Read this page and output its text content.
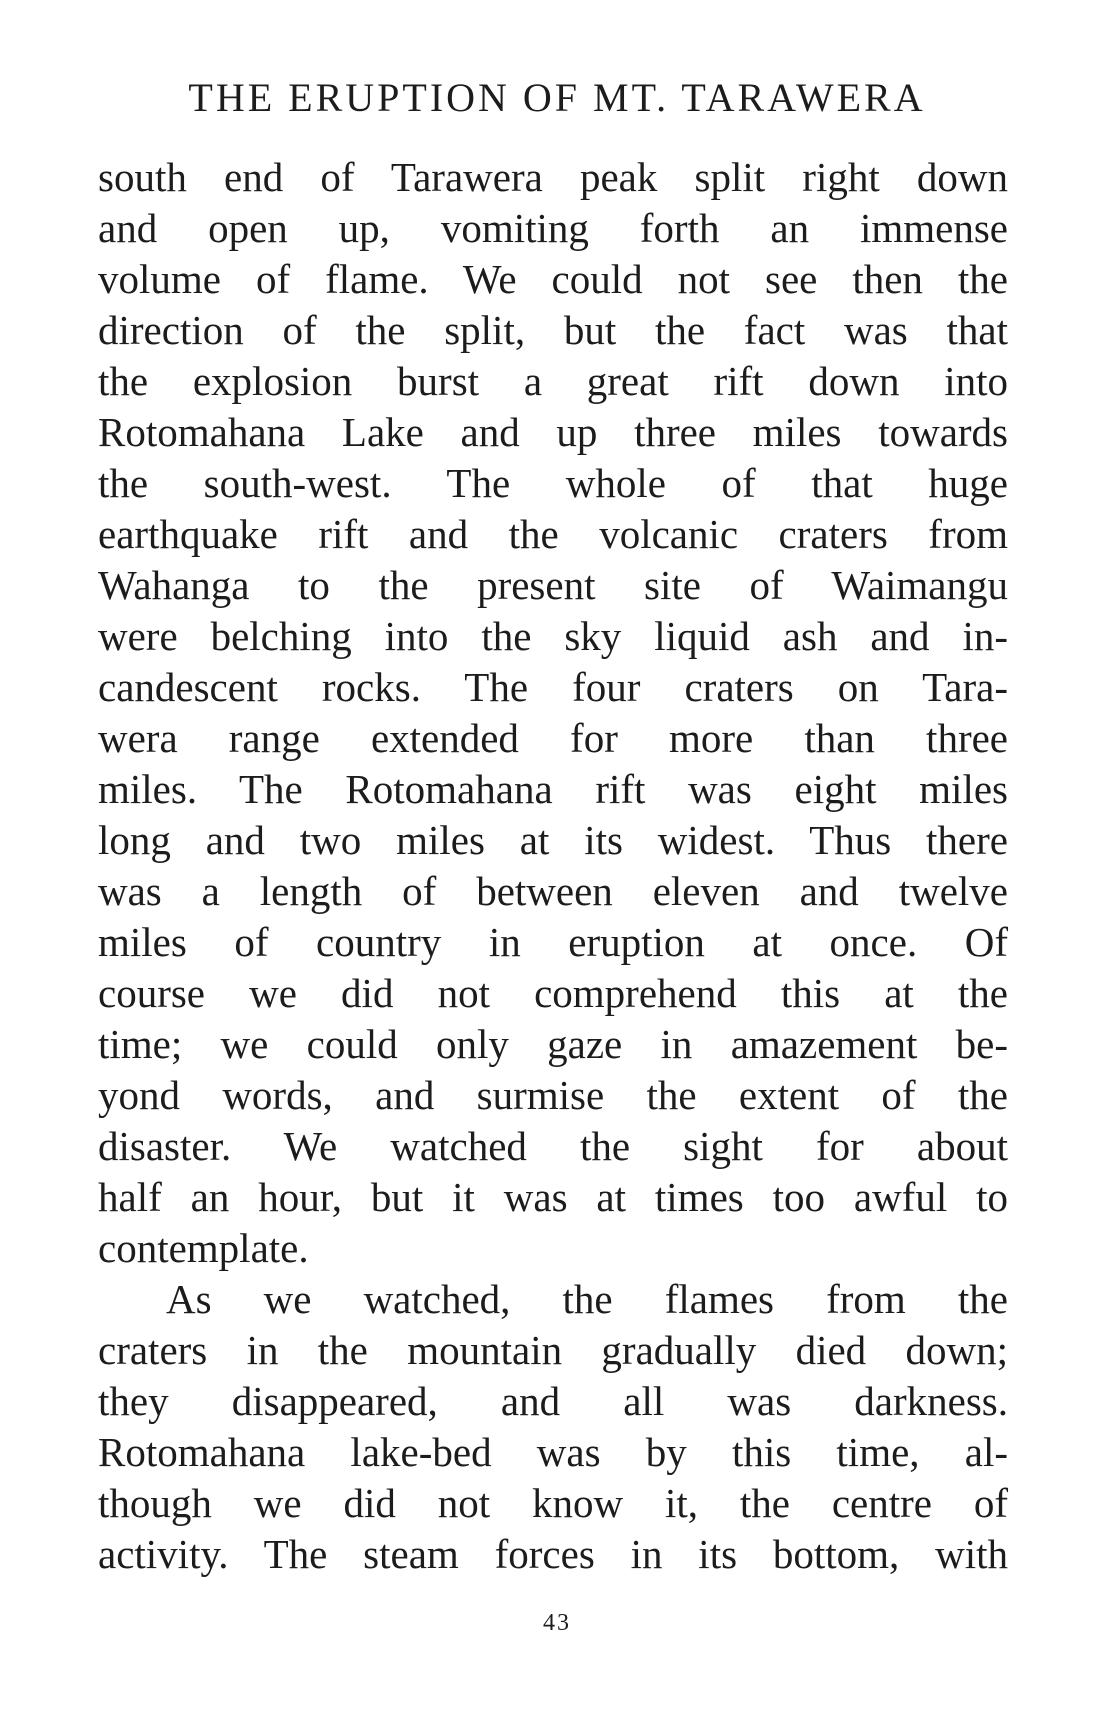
THE ERUPTION OF MT. TARAWERA
south end of Tarawera peak split right down
and open up, vomiting forth an immense
volume of flame. We could not see then the
direction of the split, but the fact was that
the explosion burst a great rift down into
Rotomahana Lake and up three miles towards
the south-west. The whole of that huge
earthquake rift and the volcanic craters from
Wahanga to the present site of Waimangu
were belching into the sky liquid ash and in-
candescent rocks. The four craters on Tara-
wera range extended for more than three
miles. The Rotomahana rift was eight miles
long and two miles at its widest. Thus there
was a length of between eleven and twelve
miles of country in eruption at once. Of
course we did not comprehend this at the
time; we could only gaze in amazement be-
yond words, and surmise the extent of the
disaster. We watched the sight for about
half an hour, but it was at times too awful to
contemplate.
As we watched, the flames from the
craters in the mountain gradually died down;
they disappeared, and all was darkness.
Rotomahana lake-bed was by this time, al-
though we did not know it, the centre of
activity. The steam forces in its bottom, with
43
